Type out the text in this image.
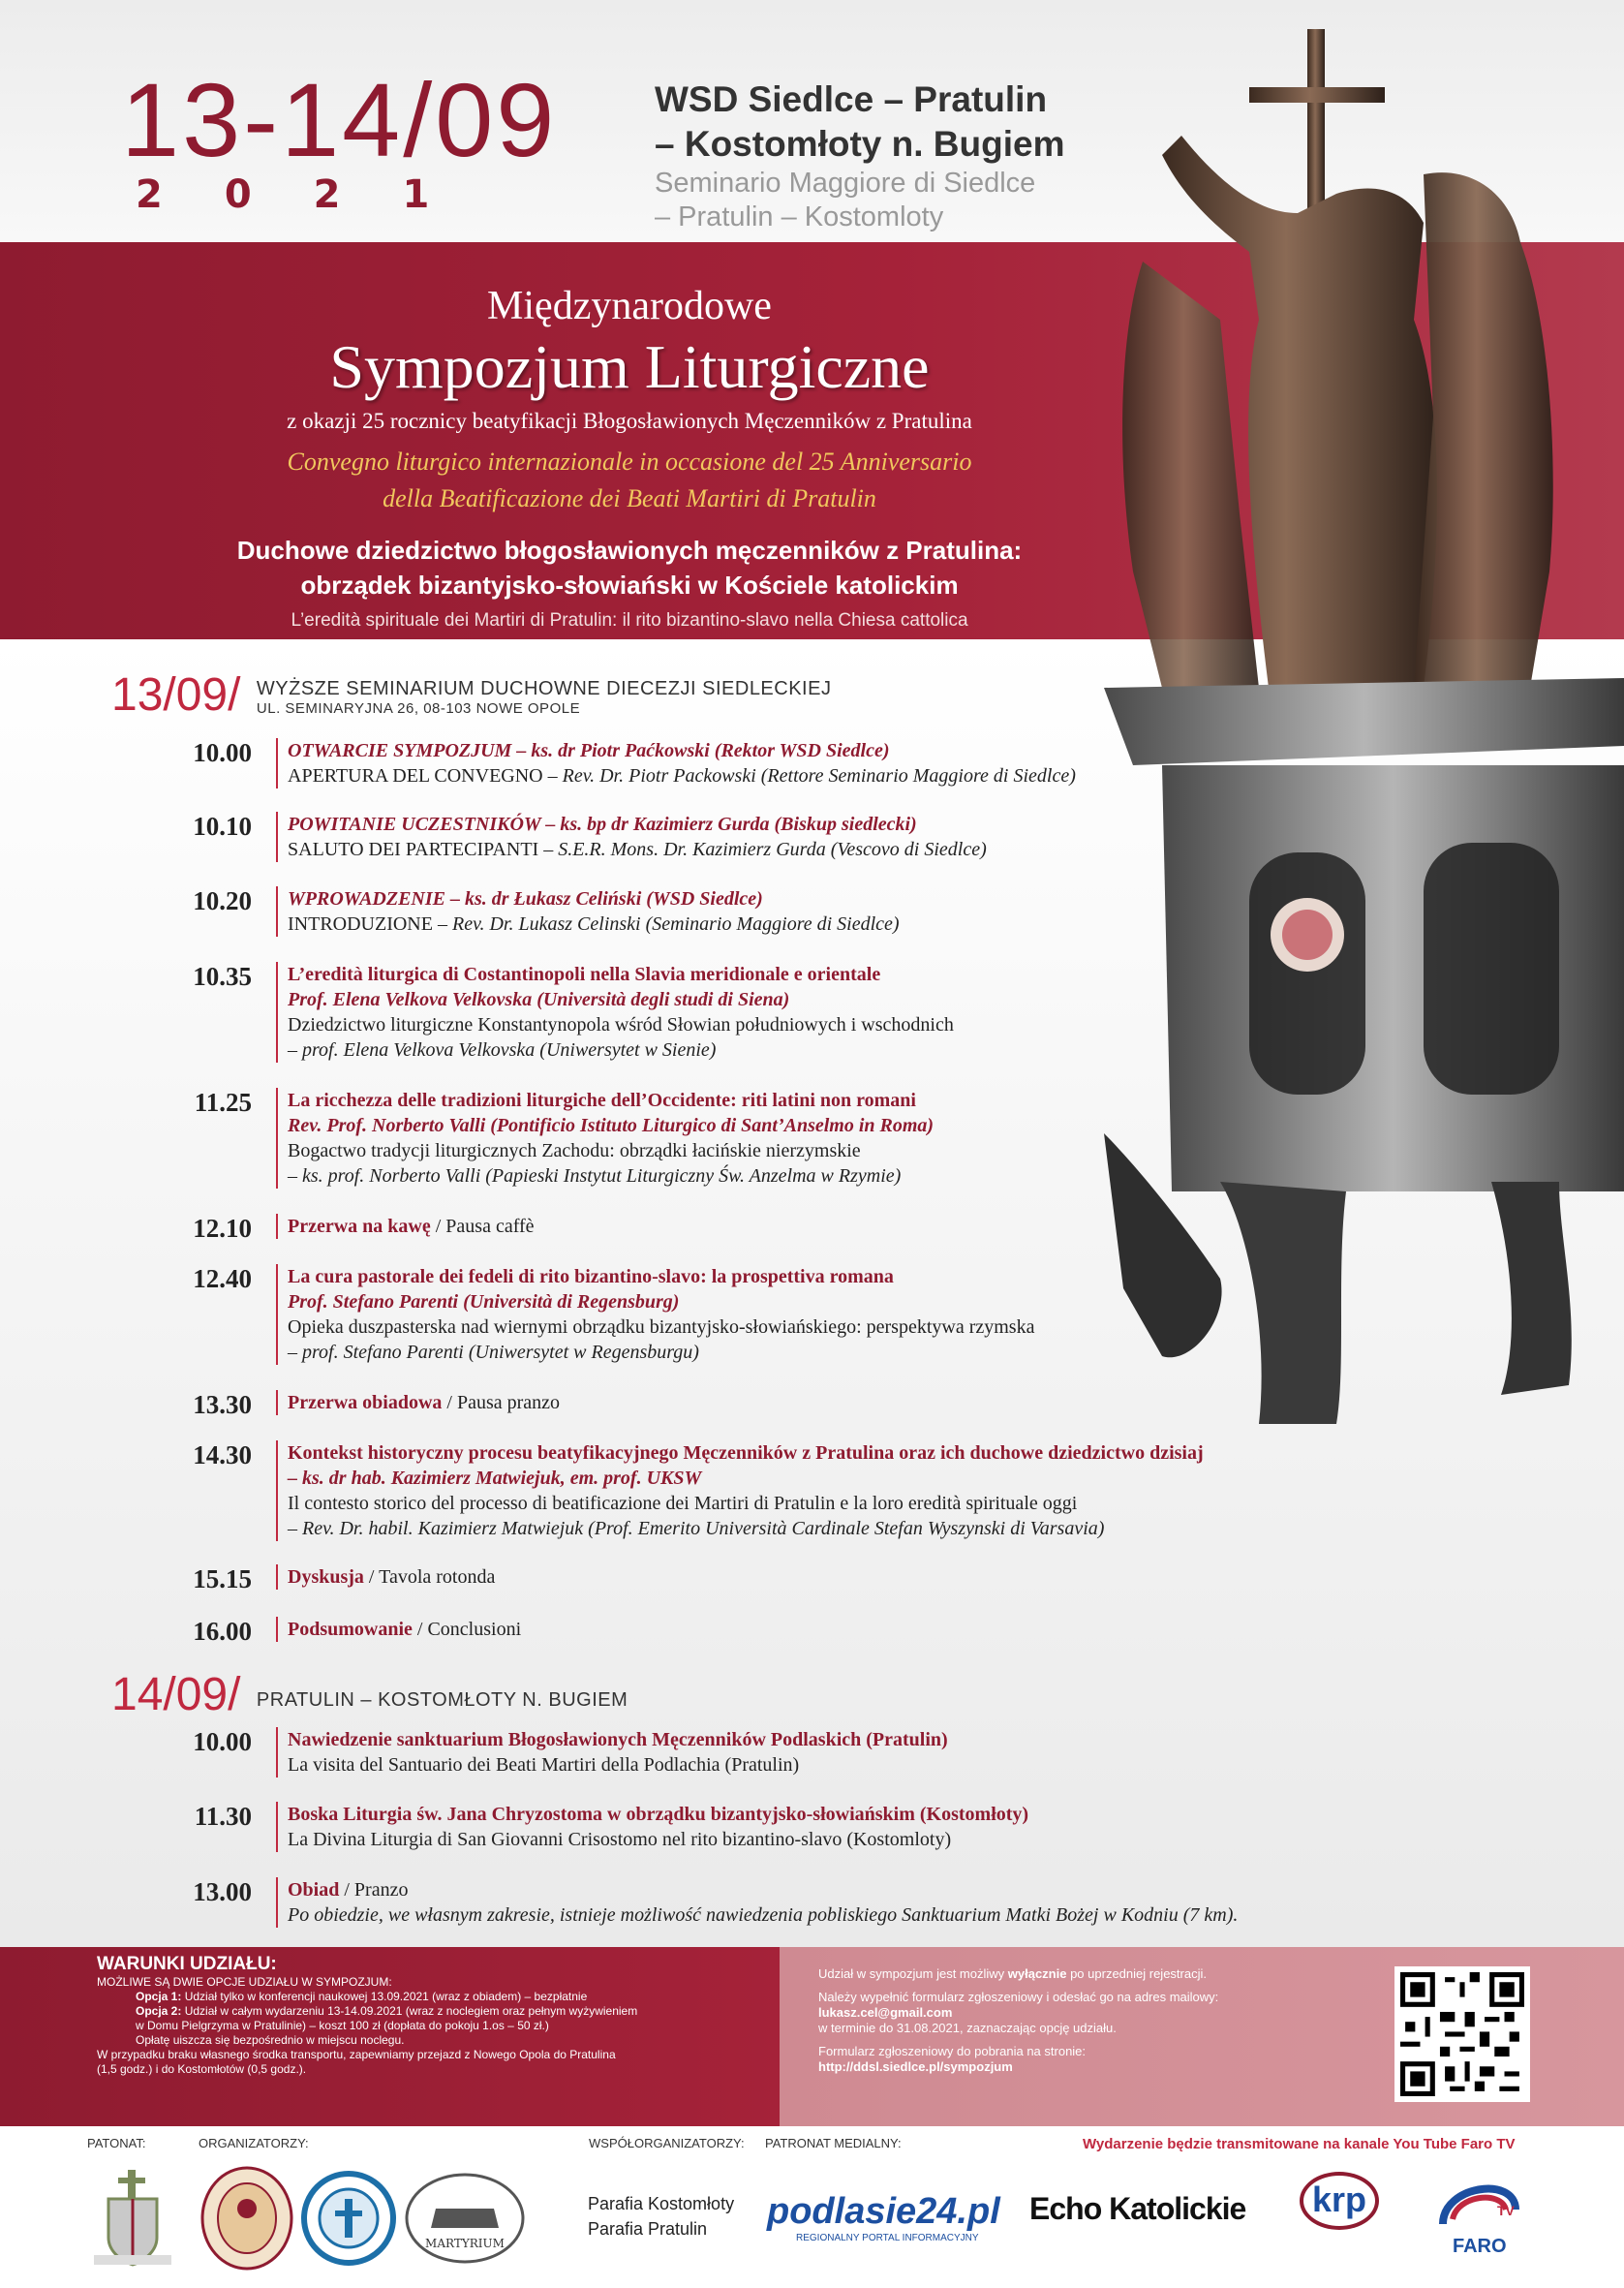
13-14/09
2021
WSD Siedlce – Pratulin
– Kostomłoty n. Bugiem
Seminario Maggiore di Siedlce
– Pratulin – Kostomloty
Międzynarodowe
Sympozjum Liturgiczne
z okazji 25 rocznicy beatyfikacji Błogosławionych Męczenników z Pratulina
Convegno liturgico internazionale in occasione del 25 Anniversario
della Beatificazione dei Beati Martiri di Pratulin
Duchowe dziedzictwo błogosławionych męczenników z Pratulina:
obrządek bizantyjsko-słowiański w Kościele katolickim
L’eredità spirituale dei Martiri di Pratulin: il rito bizantino-slavo nella Chiesa cattolica
13/09/ WYŻSZE SEMINARIUM DUCHOWNE DIECEZJI SIEDLECKIEJ
UL. SEMINARYJNA 26, 08-103 NOWE OPOLE
10.00 OTWARCIE SYMPOZJUM – ks. dr Piotr Paćkowski (Rektor WSD Siedlce)
APERTURA DEL CONVEGNO – Rev. Dr. Piotr Packowski (Rettore Seminario Maggiore di Siedlce)
10.10 POWITANIE UCZESTNIKÓW – ks. bp dr Kazimierz Gurda (Biskup siedlecki)
SALUTO DEI PARTECIPANTI – S.E.R. Mons. Dr. Kazimierz Gurda (Vescovo di Siedlce)
10.20 WPROWADZENIE – ks. dr Łukasz Celiński (WSD Siedlce)
INTRODUZIONE – Rev. Dr. Lukasz Celinski (Seminario Maggiore di Siedlce)
10.35 L’eredità liturgica di Costantinopoli nella Slavia meridionale e orientale
Prof. Elena Velkova Velkovska (Università degli studi di Siena)
Dziedzictwo liturgiczne Konstantynopola wśród Słowian południowych i wschodnich
– prof. Elena Velkova Velkovska (Uniwersytet w Sienie)
11.25 La ricchezza delle tradizioni liturgiche dell’Occidente: riti latini non romani
Rev. Prof. Norberto Valli (Pontificio Istituto Liturgico di Sant’Anselmo in Roma)
Bogactwo tradycji liturgicznych Zachodu: obrządki łacińskie nierzymskie
– ks. prof. Norberto Valli (Papieski Instytut Liturgiczny Św. Anzelma w Rzymie)
12.10 Przerwa na kawę / Pausa caffè
12.40 La cura pastorale dei fedeli di rito bizantino-slavo: la prospettiva romana
Prof. Stefano Parenti (Università di Regensburg)
Opieka duszpasterska nad wiernymi obrządku bizantyjsko-słowiańskiego: perspektywa rzymska
– prof. Stefano Parenti (Uniwersytet w Regensburgu)
13.30 Przerwa obiadowa / Pausa pranzo
14.30 Kontekst historyczny procesu beatyfikacyjnego Męczenników z Pratulina oraz ich duchowe dziedzictwo dzisiaj
– ks. dr hab. Kazimierz Matwiejuk, em. prof. UKSW
Il contesto storico del processo di beatificazione dei Martiri di Pratulin e la loro eredità spirituale oggi
– Rev. Dr. habil. Kazimierz Matwiejuk (Prof. Emerito Università Cardinale Stefan Wyszynski di Varsavia)
15.15 Dyskusja / Tavola rotonda
16.00 Podsumowanie / Conclusioni
14/09/ PRATULIN – KOSTOMŁOTY N. BUGIEM
10.00 Nawiedzenie sanktuarium Błogosławionych Męczenników Podlaskich (Pratulin)
La visita del Santuario dei Beati Martiri della Podlachia (Pratulin)
11.30 Boska Liturgia św. Jana Chryzostoma w obrządku bizantyjsko-słowiańskim (Kostomłoty)
La Divina Liturgia di San Giovanni Crisostomo nel rito bizantino-slavo (Kostomloty)
13.00 Obiad / Pranzo
Po obiedzie, we własnym zakresie, istnieje możliwość nawiedzenia pobliskiego Sanktuarium Matki Bożej w Kodniu (7 km).
WARUNKI UDZIAŁU:
MOŻLIWE SĄ DWIE OPCJE UDZIAŁU W SYMPOZJUM:
Opcja 1: Udział tylko w konferencji naukowej 13.09.2021 (wraz z obiadem) – bezpłatnie
Opcja 2: Udział w całym wydarzeniu 13-14.09.2021 (wraz z noclegiem oraz pełnym wyżywieniem
w Domu Pielgrzyma w Pratulinie) – koszt 100 zł (dopłata do pokoju 1.os – 50 zł.)
Opłatę uiszcza się bezpośrednio w miejscu noclegu.
W przypadku braku własnego środka transportu, zapewniamy przejazd z Nowego Opola do Pratulina
(1,5 godz.) i do Kostomłotów (0,5 godz.).
Udział w sympozjum jest możliwy wyłącznie po uprzedniej rejestracji.
Należy wypełnić formularz zgłoszeniowy i odesłać go na adres mailowy:
lukasz.cel@gmail.com
w terminie do 31.08.2021, zaznaczając opcję udziału.
Formularz zgłoszeniowy do pobrania na stronie:
http://ddsl.siedlce.pl/sympozjum
PATONAT:	ORGANIZATORZY:	WSPÓŁORGANIZATORZY: PATRONAT MEDIALNY:	Wydarzenie będzie transmitowane na kanale You Tube Faro TV
MARTYRIUM
Parafia Kostomłoty
Parafia Pratulin	podlasie24.pl
REGIONALNY PORTAL INFORMACYJNY
Echo Katolickie	krp	TV
FARO
